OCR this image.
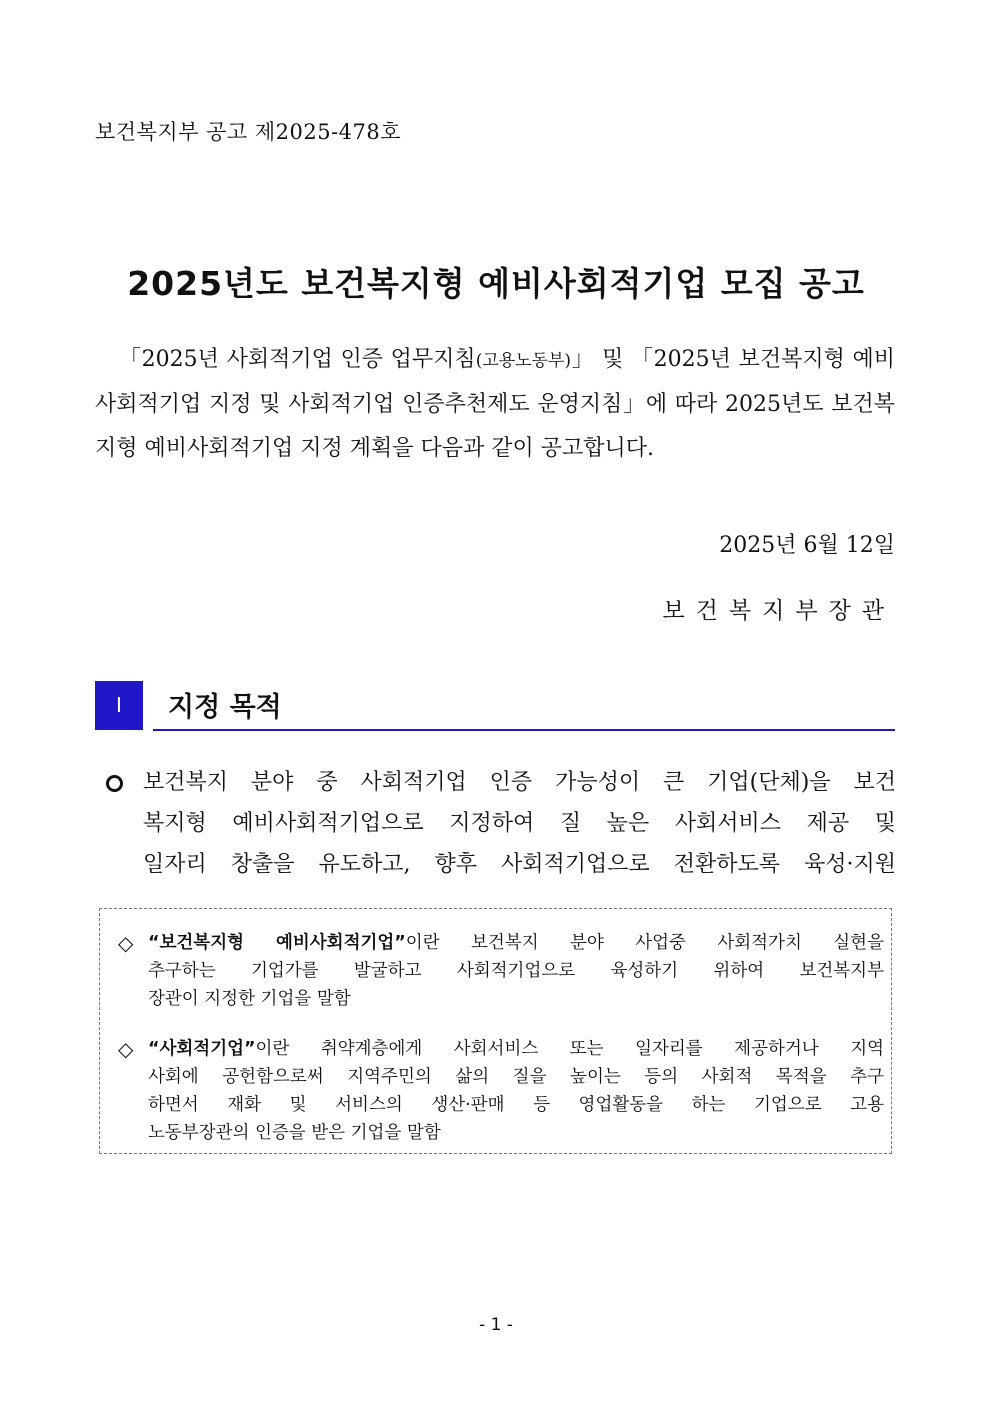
보건복지부 공고 제2025-478호
2025년도 보건복지형 예비사회적기업 모집 공고

「2025년 사회적기업 인증 업무지침(고용노동부)」 및 「2025년 보건복지형 예비사회적기업 지정 및 사회적기업 인증추천제도 운영지침」에 따라 2025년도 보건복지형 예비사회적기업 지정 계획을 다음과 같이 공고합니다.

2025년 6월 12일
보건복지부장관
Ⅰ	지정 목적
보건복지 분야 중 사회적기업 인증 가능성이 큰 기업(단체)을 보건
복지형 예비사회적기업으로 지정하여 질 높은 사회서비스 제공 및
일자리 창출을 유도하고, 향후 사회적기업으로 전환하도록 육성·지원
◇ “보건복지형 예비사회적기업”이란 보건복지 분야 사업중 사회적가치 실현을
추구하는 기업가를 발굴하고 사회적기업으로 육성하기 위하여 보건복지부
장관이 지정한 기업을 말함
◇ “사회적기업”이란 취약계층에게 사회서비스 또는 일자리를 제공하거나 지역
사회에 공헌함으로써 지역주민의 삶의 질을 높이는 등의 사회적 목적을 추구
하면서 재화 및 서비스의 생산·판매 등 영업활동을 하는 기업으로 고용
노동부장관의 인증을 받은 기업을 말함
- 1 -
